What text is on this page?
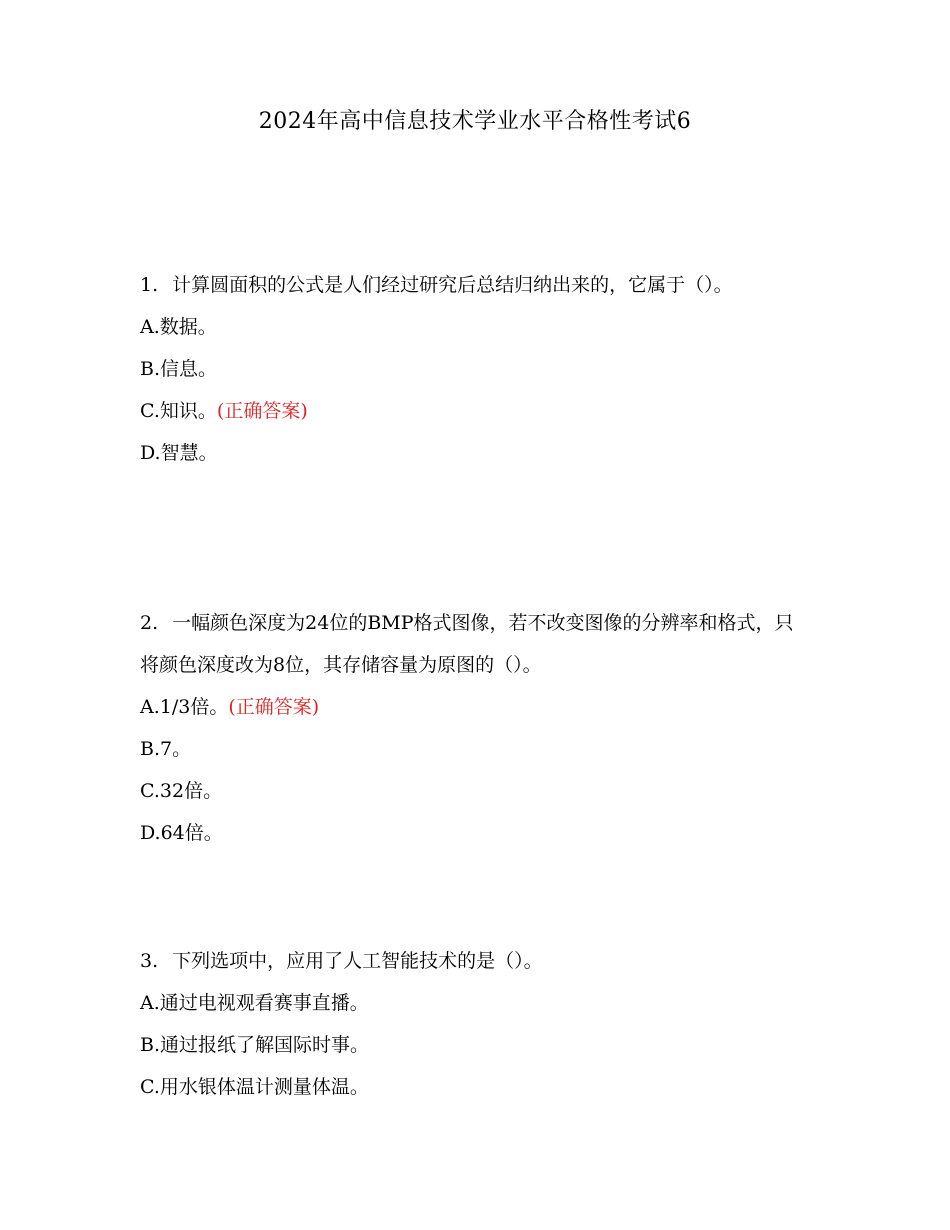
2024年高中信息技术学业水平合格性考试6

1. 计算圆面积的公式是人们经过研究后总结归纳出来的，它属于（）。

A.数据。

B.信息。

C.知识。(正确答案)

D.智慧。

2. 一幅颜色深度为24位的BMP格式图像，若不改变图像的分辨率和格式，只将颜色深度改为8位，其存储容量为原图的（）。

A.1/3倍。(正确答案)

B.7。

C.32倍。

D.64倍。

3. 下列选项中，应用了人工智能技术的是（）。

A.通过电视观看赛事直播。

B.通过报纸了解国际时事。

C.用水银体温计测量体温。
